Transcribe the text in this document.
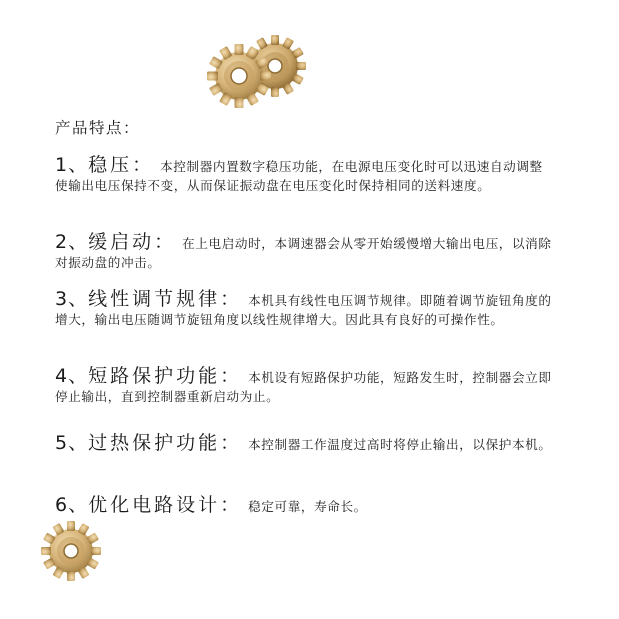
产品特点：
1、稳压： 本控制器内置数字稳压功能，在电源电压变化时可以迅速自动调整使输出电压保持不变，从而保证振动盘在电压变化时保持相同的送料速度。
2、缓启动： 在上电启动时，本调速器会从零开始缓慢增大输出电压，以消除对振动盘的冲击。
3、线性调节规律： 本机具有线性电压调节规律。即随着调节旋钮角度的增大，输出电压随调节旋钮角度以线性规律增大。因此具有良好的可操作性。
4、短路保护功能： 本机设有短路保护功能，短路发生时，控制器会立即停止输出，直到控制器重新启动为止。
5、过热保护功能： 本控制器工作温度过高时将停止输出，以保护本机。
6、优化电路设计： 稳定可靠，寿命长。
